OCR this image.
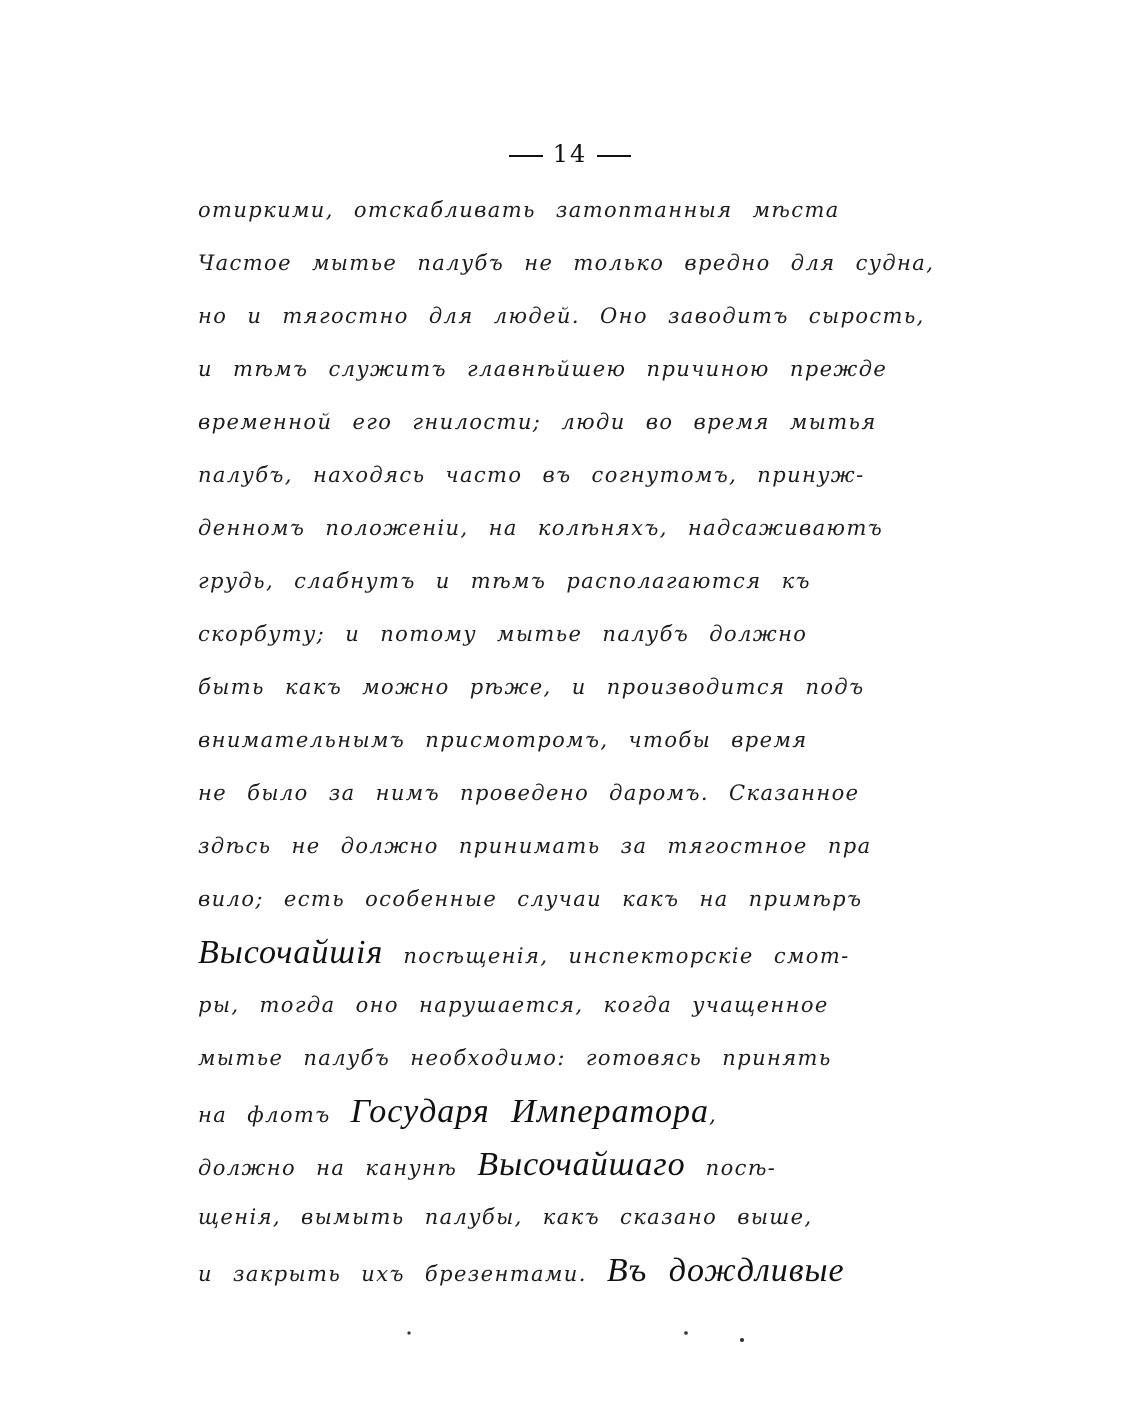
14
отиркими, отскабливать затоптанныя мѣста
Частое мытье палубъ не только вредно для судна,
но и тягостно для людей. Оно заводитъ сырость,
и тѣмъ служитъ главнѣйшею причиною прежде
временной его гнилости; люди во время мытья
палубъ, находясь часто въ согнутомъ, принуж-
денномъ положеніи, на колѣняхъ, надсаживаютъ
грудь, слабнутъ и тѣмъ располагаются къ
скорбуту; и потому мытье палубъ должно
быть какъ можно рѣже, и производится подъ
внимательнымъ присмотромъ, чтобы время
не было за нимъ проведено даромъ. Сказанное
здѣсь не должно принимать за тягостное пра
вило; есть особенные случаи какъ на примѣръ
Высочайшія посѣщенія, инспекторскіе смот-
ры, тогда оно нарушается, когда учащенное
мытье палубъ необходимо: готовясь принять
на флотъ Государя Императора,
должно на канунѣ Высочайшаго посѣ-
щенія, вымыть палубы, какъ сказано выше,
и закрыть ихъ брезентами. Въ дождливые
